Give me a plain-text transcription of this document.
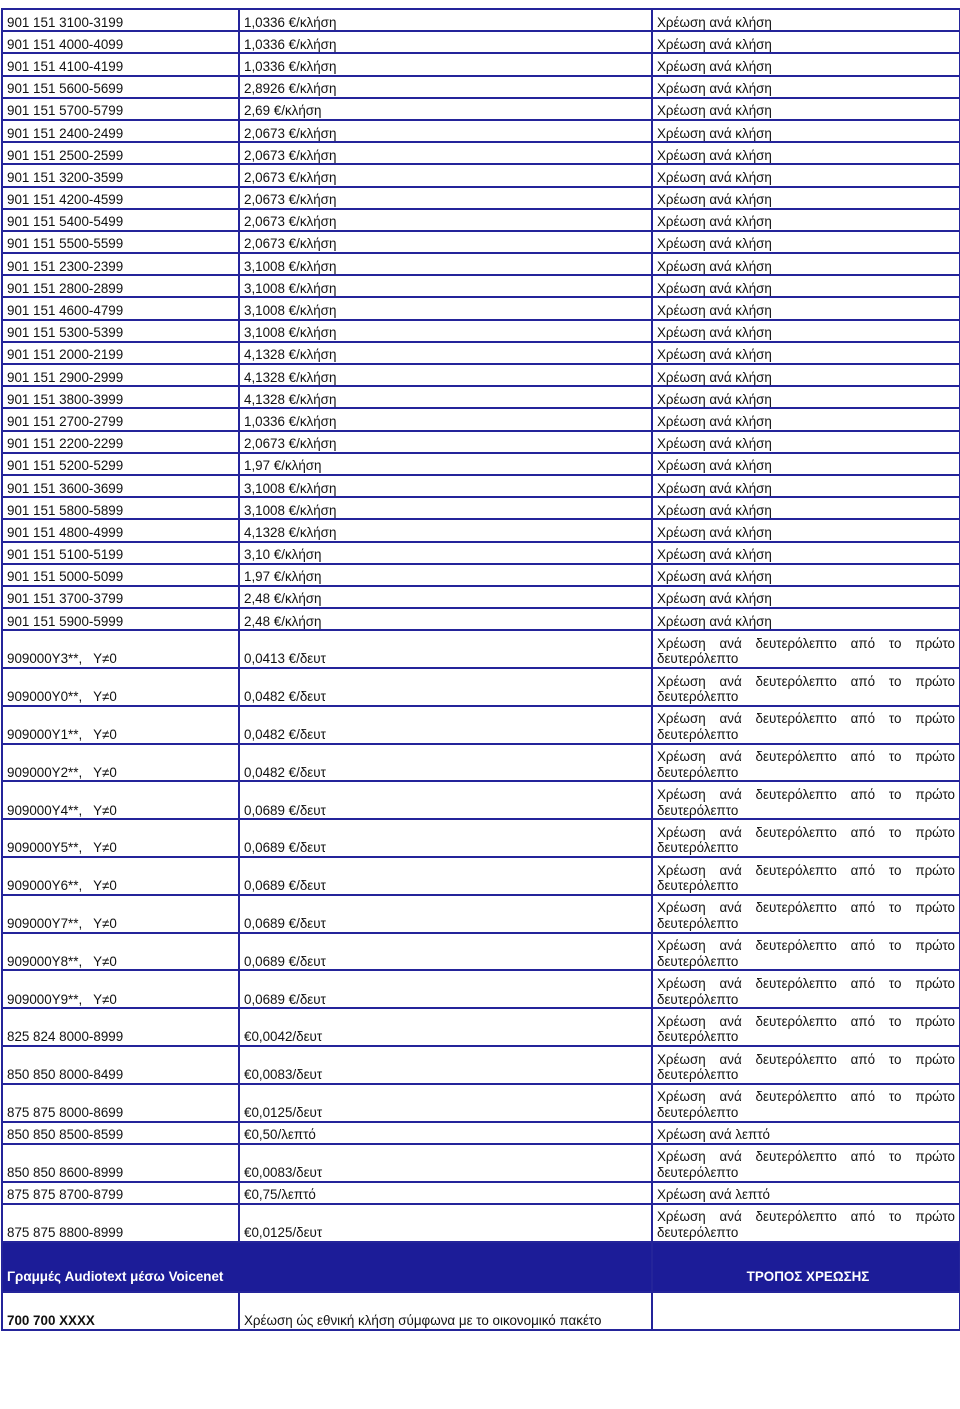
901 151 3100-3199	1,0336 €/κλήση	Χρέωση ανά κλήση
901 151 4000-4099	1,0336 €/κλήση	Χρέωση ανά κλήση
901 151 4100-4199	1,0336 €/κλήση	Χρέωση ανά κλήση
901 151 5600-5699	2,8926 €/κλήση	Χρέωση ανά κλήση
901 151 5700-5799	2,69 €/κλήση	Χρέωση ανά κλήση
901 151 2400-2499	2,0673 €/κλήση	Χρέωση ανά κλήση
901 151 2500-2599	2,0673 €/κλήση	Χρέωση ανά κλήση
901 151 3200-3599	2,0673 €/κλήση	Χρέωση ανά κλήση
901 151 4200-4599	2,0673 €/κλήση	Χρέωση ανά κλήση
901 151 5400-5499	2,0673 €/κλήση	Χρέωση ανά κλήση
901 151 5500-5599	2,0673 €/κλήση	Χρέωση ανά κλήση
901 151 2300-2399	3,1008 €/κλήση	Χρέωση ανά κλήση
901 151 2800-2899	3,1008 €/κλήση	Χρέωση ανά κλήση
901 151 4600-4799	3,1008 €/κλήση	Χρέωση ανά κλήση
901 151 5300-5399	3,1008 €/κλήση	Χρέωση ανά κλήση
901 151 2000-2199	4,1328 €/κλήση	Χρέωση ανά κλήση
901 151 2900-2999	4,1328 €/κλήση	Χρέωση ανά κλήση
901 151 3800-3999	4,1328 €/κλήση	Χρέωση ανά κλήση
901 151 2700-2799	1,0336 €/κλήση	Χρέωση ανά κλήση
901 151 2200-2299	2,0673 €/κλήση	Χρέωση ανά κλήση
901 151 5200-5299	1,97 €/κλήση	Χρέωση ανά κλήση
901 151 3600-3699	3,1008 €/κλήση	Χρέωση ανά κλήση
901 151 5800-5899	3,1008 €/κλήση	Χρέωση ανά κλήση
901 151 4800-4999	4,1328 €/κλήση	Χρέωση ανά κλήση
901 151 5100-5199	3,10 €/κλήση	Χρέωση ανά κλήση
901 151 5000-5099	1,97 €/κλήση	Χρέωση ανά κλήση
901 151 3700-3799	2,48 €/κλήση	Χρέωση ανά κλήση
901 151 5900-5999	2,48 €/κλήση	Χρέωση ανά κλήση
909000Y3**,   Y≠0	0,0413 €/δευτ	Χρέωση ανά δευτερόλεπτο από το πρώτο δευτερόλεπτο

909000Y0**,   Y≠0	0,0482 €/δευτ	Χρέωση ανά δευτερόλεπτο από το πρώτο δευτερόλεπτο

909000Y1**,   Y≠0	0,0482 €/δευτ	Χρέωση ανά δευτερόλεπτο από το πρώτο δευτερόλεπτο

909000Y2**,   Y≠0	0,0482 €/δευτ	Χρέωση ανά δευτερόλεπτο από το πρώτο δευτερόλεπτο

909000Y4**,   Y≠0	0,0689 €/δευτ	Χρέωση ανά δευτερόλεπτο από το πρώτο δευτερόλεπτο

909000Y5**,   Y≠0	0,0689 €/δευτ	Χρέωση ανά δευτερόλεπτο από το πρώτο δευτερόλεπτο

909000Y6**,   Y≠0	0,0689 €/δευτ	Χρέωση ανά δευτερόλεπτο από το πρώτο δευτερόλεπτο

909000Y7**,   Y≠0	0,0689 €/δευτ	Χρέωση ανά δευτερόλεπτο από το πρώτο δευτερόλεπτο

909000Y8**,   Y≠0	0,0689 €/δευτ	Χρέωση ανά δευτερόλεπτο από το πρώτο δευτερόλεπτο

909000Y9**,   Y≠0	0,0689 €/δευτ	Χρέωση ανά δευτερόλεπτο από το πρώτο δευτερόλεπτο

825 824 8000-8999	€0,0042/δευτ	Χρέωση ανά δευτερόλεπτο από το πρώτο δευτερόλεπτο

850 850 8000-8499	€0,0083/δευτ	Χρέωση ανά δευτερόλεπτο από το πρώτο δευτερόλεπτο

875 875 8000-8699	€0,0125/δευτ	Χρέωση ανά δευτερόλεπτο από το πρώτο δευτερόλεπτο

850 850 8500-8599	€0,50/λεπτό	Χρέωση ανά λεπτό
850 850 8600-8999	€0,0083/δευτ	Χρέωση ανά δευτερόλεπτο από το πρώτο δευτερόλεπτο

875 875 8700-8799	€0,75/λεπτό	Χρέωση ανά λεπτό
875 875 8800-8999	€0,0125/δευτ	Χρέωση ανά δευτερόλεπτο από το πρώτο δευτερόλεπτο

Γραμμές Audiotext μέσω Voicenet		ΤΡΟΠΟΣ ΧΡΕΩΣΗΣ
700 700 XXXX	Χρέωση ώς εθνική κλήση σύμφωνα με το οικονομικό πακέτο	
